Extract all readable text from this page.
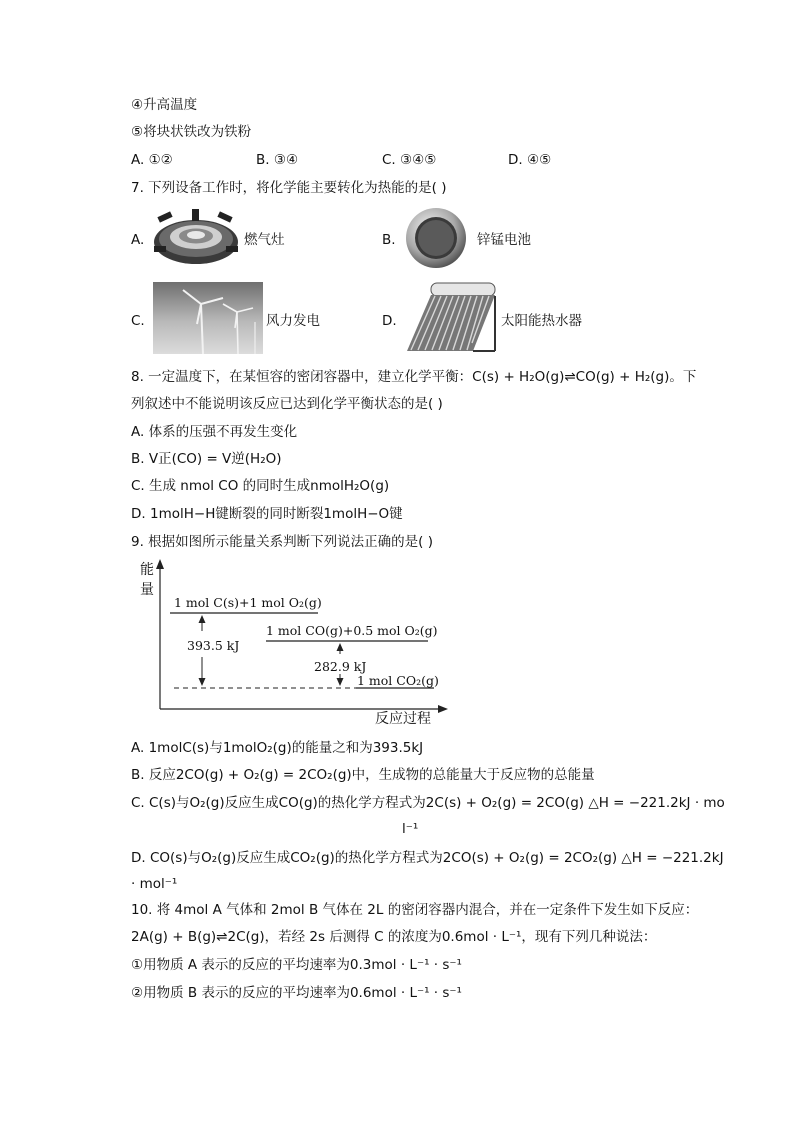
④升高温度
⑤将块状铁改为铁粉
A. ①②	B. ③④	C. ③④⑤	D. ④⑤
7. 下列设备工作时，将化学能主要转化为热能的是( )
A.	燃气灶	B.	锌锰电池
C.	风力发电	D.	太阳能热水器
8. 一定温度下，在某恒容的密闭容器中，建立化学平衡：C(s) + H₂O(g)⇌CO(g) + H₂(g)。下
列叙述中不能说明该反应已达到化学平衡状态的是( )
A. 体系的压强不再发生变化
B. V正(CO) = V逆(H₂O)
C. 生成 nmol CO 的同时生成nmolH₂O(g)
D. 1molH−H键断裂的同时断裂1molH−O键
9. 根据如图所示能量关系判断下列说法正确的是( )
能
量
1 mol C(s)+1 mol O₂(g)
1 mol CO(g)+0.5 mol O₂(g)
393.5 kJ
282.9 kJ
1 mol CO₂(g)
反应过程
A. 1molC(s)与1molO₂(g)的能量之和为393.5kJ
B. 反应2CO(g) + O₂(g) = 2CO₂(g)中，生成物的总能量大于反应物的总能量
C. C(s)与O₂(g)反应生成CO(g)的热化学方程式为2C(s) + O₂(g) = 2CO(g) △H = −221.2kJ · mo
l⁻¹
D. CO(s)与O₂(g)反应生成CO₂(g)的热化学方程式为2CO(s) + O₂(g) = 2CO₂(g) △H = −221.2kJ
· mol⁻¹
10. 将 4mol A 气体和 2mol B 气体在 2L 的密闭容器内混合，并在一定条件下发生如下反应：
2A(g) + B(g)⇌2C(g)，若经 2s 后测得 C 的浓度为0.6mol · L⁻¹，现有下列几种说法：
①用物质 A 表示的反应的平均速率为0.3mol · L⁻¹ · s⁻¹
②用物质 B 表示的反应的平均速率为0.6mol · L⁻¹ · s⁻¹
